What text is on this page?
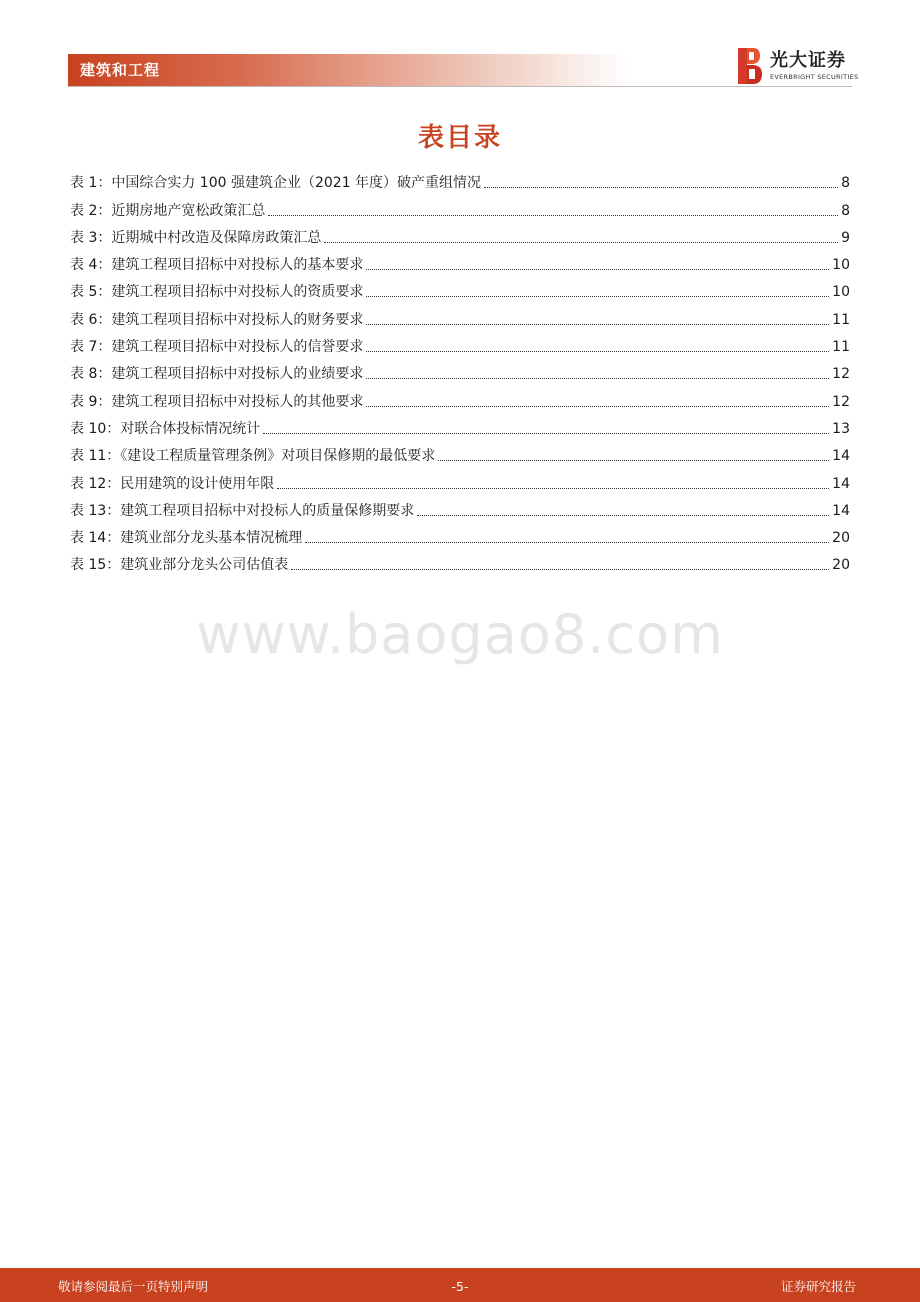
建筑和工程	光大证券
EVERBRIGHT SECURITIES
表目录
表 1：中国综合实力 100 强建筑企业（2021 年度）破产重组情况	8
表 2：近期房地产宽松政策汇总	8
表 3：近期城中村改造及保障房政策汇总	9
表 4：建筑工程项目招标中对投标人的基本要求	10
表 5：建筑工程项目招标中对投标人的资质要求	10
表 6：建筑工程项目招标中对投标人的财务要求	11
表 7：建筑工程项目招标中对投标人的信誉要求	11
表 8：建筑工程项目招标中对投标人的业绩要求	12
表 9：建筑工程项目招标中对投标人的其他要求	12
表 10：对联合体投标情况统计	13
表 11：《建设工程质量管理条例》对项目保修期的最低要求	14
表 12：民用建筑的设计使用年限	14
表 13：建筑工程项目招标中对投标人的质量保修期要求	14
表 14：建筑业部分龙头基本情况梳理	20
表 15：建筑业部分龙头公司估值表	20
www.baogao8.com
敬请参阅最后一页特别声明	-5-	证券研究报告
